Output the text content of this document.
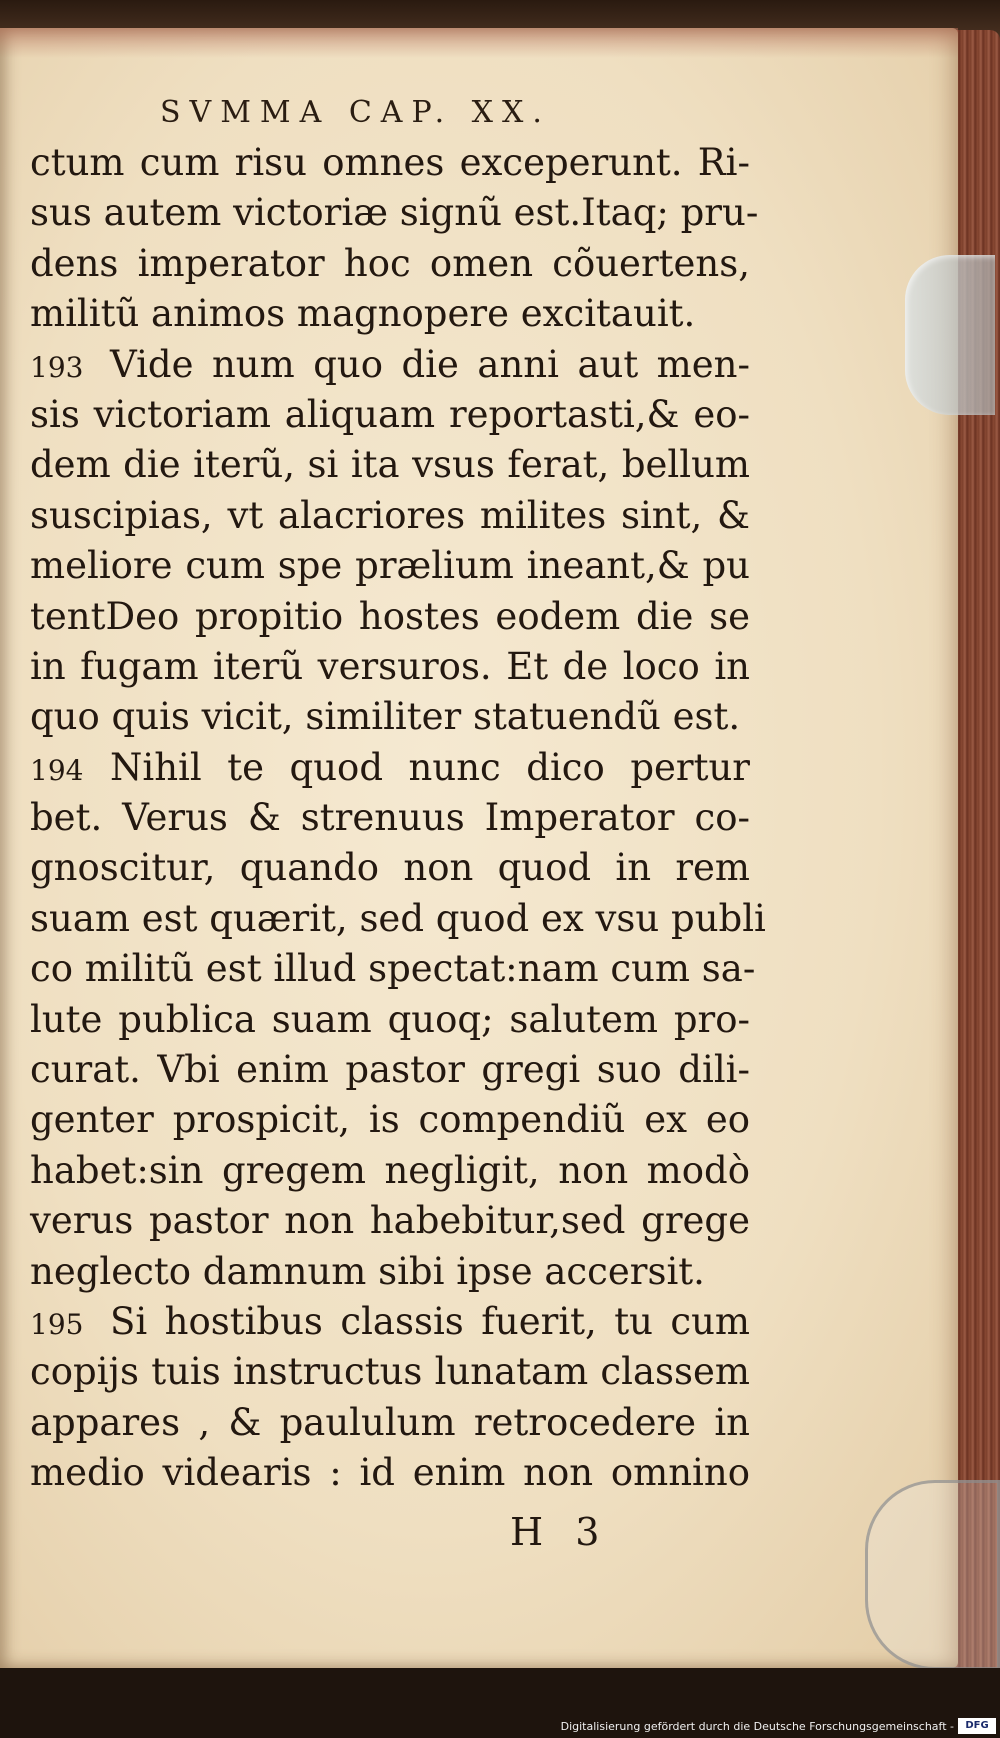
SVMMA CAP. XX.
ctum cum risu omnes exceperunt. Ri-
sus autem victoriæ signũ est.Itaq; pru-
dens imperator hoc omen cõuertens,
militũ animos magnopere excitauit.
193 Vide num quo die anni aut men-
sis victoriam aliquam reportasti,& eo-
dem die iterũ, si ita vsus ferat, bellum
suscipias, vt alacriores milites sint, &
meliore cum spe prælium ineant,& pu
tentDeo propitio hostes eodem die se
in fugam iterũ versuros. Et de loco in
quo quis vicit, similiter statuendũ est.
194 Nihil te quod nunc dico pertur
bet. Verus & strenuus Imperator co-
gnoscitur, quando non quod in rem
suam est quærit, sed quod ex vsu publi
co militũ est illud spectat:nam cum sa-
lute publica suam quoq; salutem pro-
curat. Vbi enim pastor gregi suo dili-
genter prospicit, is compendiũ ex eo
habet:sin gregem negligit, non modò
verus pastor non habebitur,sed grege
neglecto damnum sibi ipse accersit.
195 Si hostibus classis fuerit, tu cum
copijs tuis instructus lunatam classem
appares , & paululum retrocedere in
medio videaris : id enim non omnino
H 3
Digitalisierung gefördert durch die Deutsche Forschungsgemeinschaft -	DFG
